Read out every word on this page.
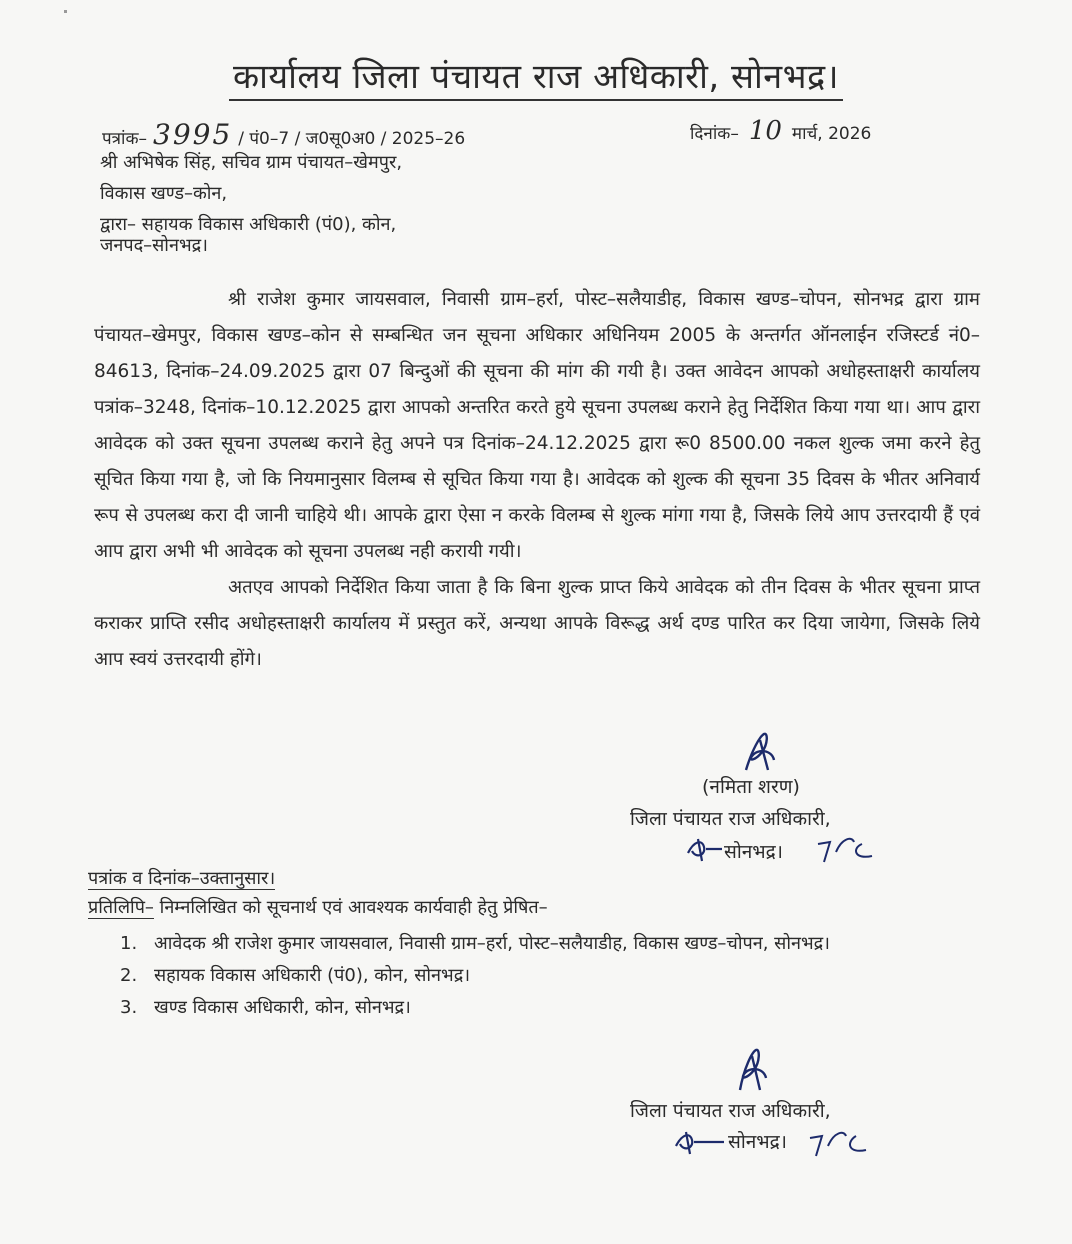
कार्यालय जिला पंचायत राज अधिकारी, सोनभद्र।
पत्रांक– 3995 / पं0–7 / ज0सू0अ0 / 2025–26	दिनांक– 10 मार्च, 2026
श्री अभिषेक सिंह, सचिव ग्राम पंचायत–खेमपुर,
विकास खण्ड–कोन,
द्वारा– सहायक विकास अधिकारी (पं0), कोन,
जनपद–सोनभद्र।

श्री राजेश कुमार जायसवाल, निवासी ग्राम–हर्रा, पोस्ट–सलैयाडीह, विकास खण्ड–चोपन, सोनभद्र द्वारा ग्राम पंचायत–खेमपुर, विकास खण्ड–कोन से सम्बन्धित जन सूचना अधिकार अधिनियम 2005 के अन्तर्गत ऑनलाईन रजिस्टर्ड नं0–84613, दिनांक–24.09.2025 द्वारा 07 बिन्दुओं की सूचना की मांग की गयी है। उक्त आवेदन आपको अधोहस्ताक्षरी कार्यालय पत्रांक–3248, दिनांक–10.12.2025 द्वारा आपको अन्तरित करते हुये सूचना उपलब्ध कराने हेतु निर्देशित किया गया था। आप द्वारा आवेदक को उक्त सूचना उपलब्ध कराने हेतु अपने पत्र दिनांक–24.12.2025 द्वारा रू0 8500.00 नकल शुल्क जमा करने हेतु सूचित किया गया है, जो कि नियमानुसार विलम्ब से सूचित किया गया है। आवेदक को शुल्क की सूचना 35 दिवस के भीतर अनिवार्य रूप से उपलब्ध करा दी जानी चाहिये थी। आपके द्वारा ऐसा न करके विलम्ब से शुल्क मांगा गया है, जिसके लिये आप उत्तरदायी हैं एवं आप द्वारा अभी भी आवेदक को सूचना उपलब्ध नही करायी गयी।

अतएव आपको निर्देशित किया जाता है कि बिना शुल्क प्राप्त किये आवेदक को तीन दिवस के भीतर सूचना प्राप्त कराकर प्राप्ति रसीद अधोहस्ताक्षरी कार्यालय में प्रस्तुत करें, अन्यथा आपके विरूद्ध अर्थ दण्ड पारित कर दिया जायेगा, जिसके लिये आप स्वयं उत्तरदायी होंगे।

(नमिता शरण)
जिला पंचायत राज अधिकारी,
सोनभद्र।
पत्रांक व दिनांक–उक्तानुसार।
प्रतिलिपि– निम्नलिखित को सूचनार्थ एवं आवश्यक कार्यवाही हेतु प्रेषित–
1. आवेदक श्री राजेश कुमार जायसवाल, निवासी ग्राम–हर्रा, पोस्ट–सलैयाडीह, विकास खण्ड–चोपन, सोनभद्र।
2. सहायक विकास अधिकारी (पं0), कोन, सोनभद्र।
3. खण्ड विकास अधिकारी, कोन, सोनभद्र।
जिला पंचायत राज अधिकारी,
सोनभद्र।
